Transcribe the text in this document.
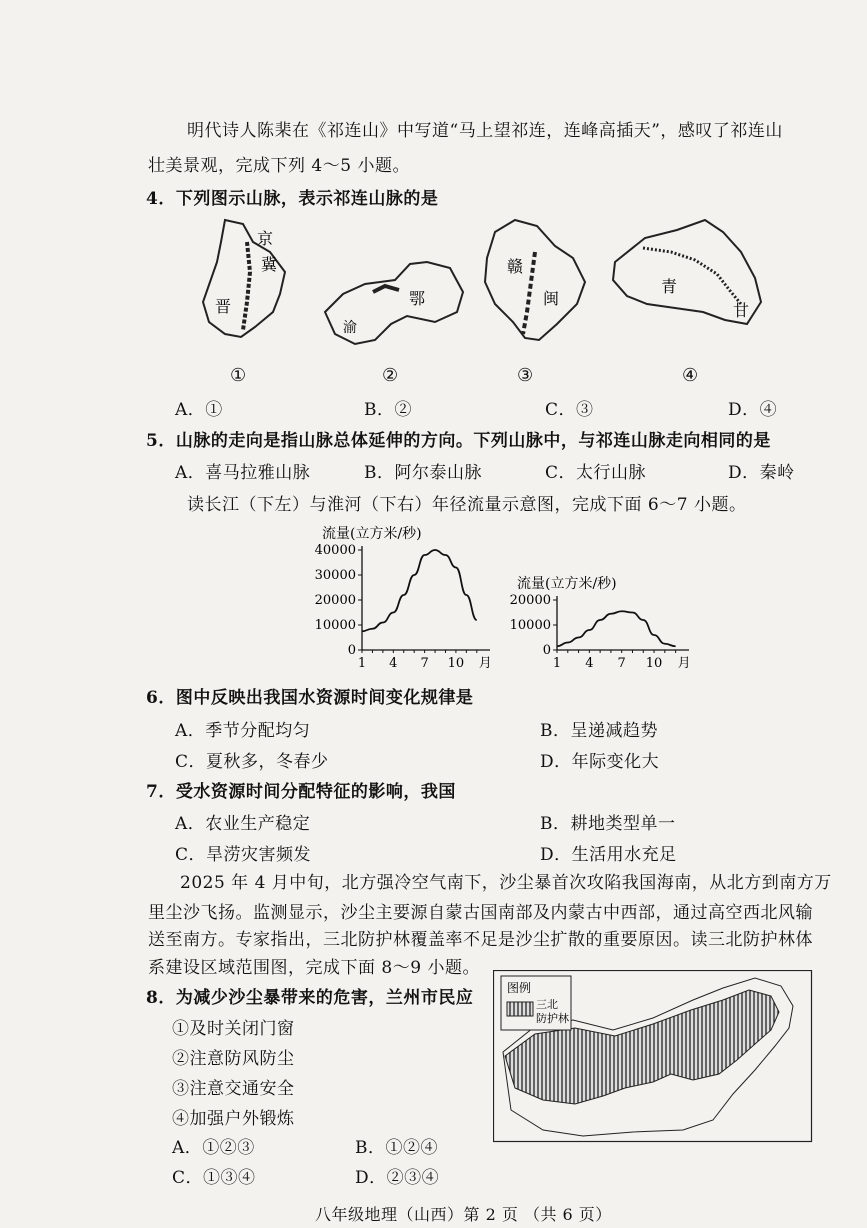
明代诗人陈棐在《祁连山》中写道“马上望祁连，连峰高插天”，感叹了祁连山
壮美景观，完成下列 4～5 小题。
4．下列图示山脉，表示祁连山脉的是
京
冀
晋	鄂
渝
赣
闽
青
甘
①	②	③	④
A．①	B．②	C．③	D．④
5．山脉的走向是指山脉总体延伸的方向。下列山脉中，与祁连山脉走向相同的是
A．喜马拉雅山脉	B．阿尔泰山脉	C．太行山脉	D．秦岭
读长江（下左）与淮河（下右）年径流量示意图，完成下面 6～7 小题。
流量(立方米/秒)
0
10000
20000
30000
40000
1 4 7 10 月
流量(立方米/秒)
0
10000
20000
1 4 7 10 月
6．图中反映出我国水资源时间变化规律是
A．季节分配均匀	B．呈递减趋势
C．夏秋多，冬春少	D．年际变化大
7．受水资源时间分配特征的影响，我国
A．农业生产稳定	B．耕地类型单一
C．旱涝灾害频发	D．生活用水充足
2025 年 4 月中旬，北方强冷空气南下，沙尘暴首次攻陷我国海南，从北方到南方万
里尘沙飞扬。监测显示，沙尘主要源自蒙古国南部及内蒙古中西部，通过高空西北风输
送至南方。专家指出，三北防护林覆盖率不足是沙尘扩散的重要原因。读三北防护林体
系建设区域范围图，完成下面 8～9 小题。
8．为减少沙尘暴带来的危害，兰州市民应
①及时关闭门窗
②注意防风防尘
③注意交通安全
④加强户外锻炼
A．①②③	B．①②④
C．①③④	D．②③④
图例
三北
防护林
八年级地理（山西）第 2 页 （共 6 页）
